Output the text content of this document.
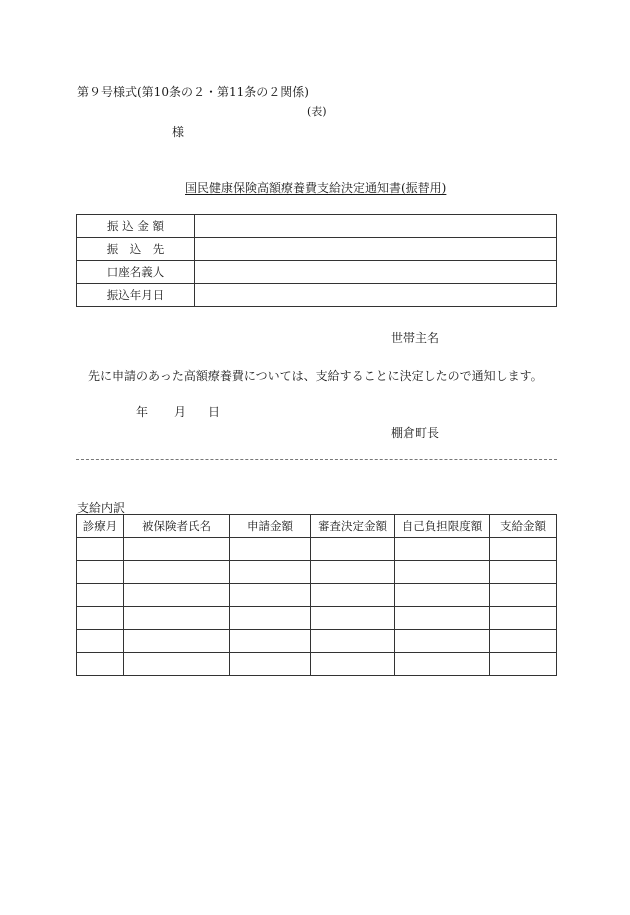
第９号様式(第10条の２・第11条の２関係)
(表)
様
国民健康保険高額療養費支給決定通知書(振替用)
振 込 金 額	
振　込　先	
口座名義人	
振込年月日	
世帯主名
先に申請のあった高額療養費については、支給することに決定したので通知します。
年 月 日
棚倉町長
支給内訳
診療月	被保険者氏名	申請金額	審査決定金額	自己負担限度額	支給金額
